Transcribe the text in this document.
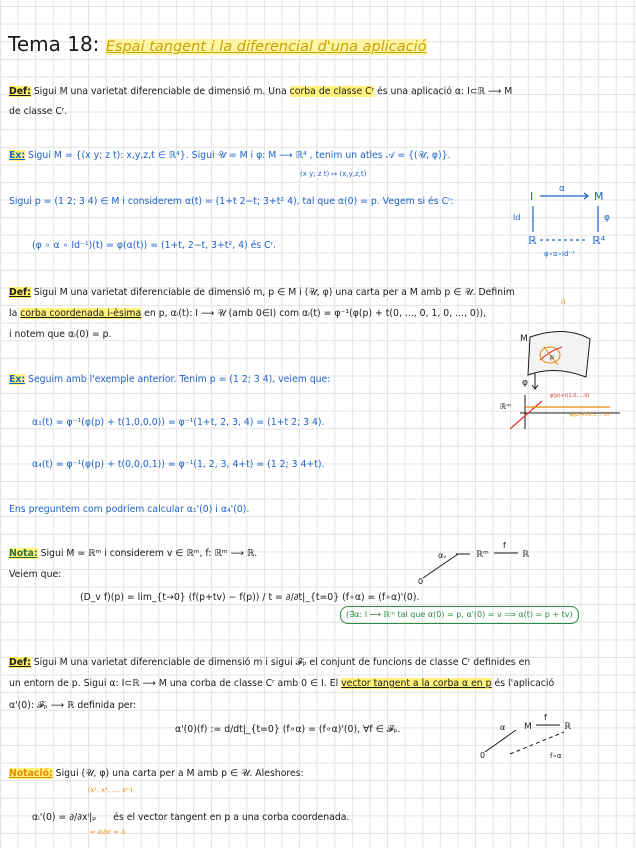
Tema 18: Espai tangent i la diferencial d'una aplicació
Def: Sigui M una varietat diferenciable de dimensió m. Una corba de classe Cʳ és una aplicació α: I⊂ℝ ⟶ M
de classe Cʳ.
Ex: Sigui M = {(x y; z t): x,y,z,t ∈ ℝ⁴}. Sigui 𝒰 = M i φ: M ⟶ ℝ⁴ , tenim un atles 𝒜 = {(𝒰, φ)}.
(x y; z t) ↦ (x,y,z,t)
Sigui p = (1 2; 3 4) ∈ M i considerem α(t) = (1+t 2−t; 3+t² 4), tal que α(0) = p. Vegem si és Cʳ:
(φ ∘ α ∘ Id⁻¹)(t) = φ(α(t)) = (1+t, 2−t, 3+t², 4) és Cʳ.
I
α
M
Id	φ
ℝ	ℝ⁴
φ∘α∘Id⁻¹
Def: Sigui M una varietat diferenciable de dimensió m, p ∈ M i (𝒰, φ) una carta per a M amb p ∈ 𝒰. Definim
la corba coordenada i-èsima en p, αᵢ(t): I ⟶ 𝒰 (amb 0∈I) com αᵢ(t) = φ⁻¹(φ(p) + t(0, ..., 0, 1, 0, ..., 0)),
i)
i notem que αᵢ(0) = p.
Ex: Seguim amb l'exemple anterior. Tenim p = (1 2; 3 4), veiem que:
α₁(t) = φ⁻¹(φ(p) + t(1,0,0,0)) = φ⁻¹(1+t, 2, 3, 4) = (1+t 2; 3 4).
α₄(t) = φ⁻¹(φ(p) + t(0,0,0,1)) = φ⁻¹(1, 2, 3, 4+t) = (1 2; 3 4+t).
Ens preguntem com podríem calcular α₁'(0) i α₄'(0).
M
p
φ
ℝᵐ
φ(p)+t(1,0,...,0)
φ(p)+t(0,1,...,0)
Nota: Sigui M = ℝᵐ i considerem v ∈ ℝᵐ, f: ℝᵐ ⟶ ℝ.
Veiem que:
(D_v f)(p) = lim_{t→0} (f(p+tv) − f(p)) / t = ∂/∂t|_{t=0} (f∘α) = (f∘α)'(0).
(∃α: I ⟶ ℝᵐ tal que α(0) = p, α'(0) = v ⟹ α(t) = p + tv)
0
αᵥ	ℝᵐ
f
ℝ
Def: Sigui M una varietat diferenciable de dimensió m i sigui 𝓕ₚ el conjunt de funcions de classe Cʳ definides en
un entorn de p. Sigui α: I⊂ℝ ⟶ M una corba de classe Cʳ amb 0 ∈ I. El vector tangent a la corba α en p és l'aplicació
α'(0): 𝓕ₚ ⟶ ℝ definida per:
α'(0)(f) := d/dt|_{t=0} (f∘α) = (f∘α)'(0), ∀f ∈ 𝓕ₚ.
0
α M
f
ℝ
f∘α
Notació: Sigui (𝒰, φ) una carta per a M amb p ∈ 𝒰. Aleshores:
(x¹, x², ..., xᵐ)
αᵢ'(0) = ∂/∂xⁱ|ₚ és el vector tangent en p a una corba coordenada.
= ∂/∂xⁱ = ∂ᵢ
